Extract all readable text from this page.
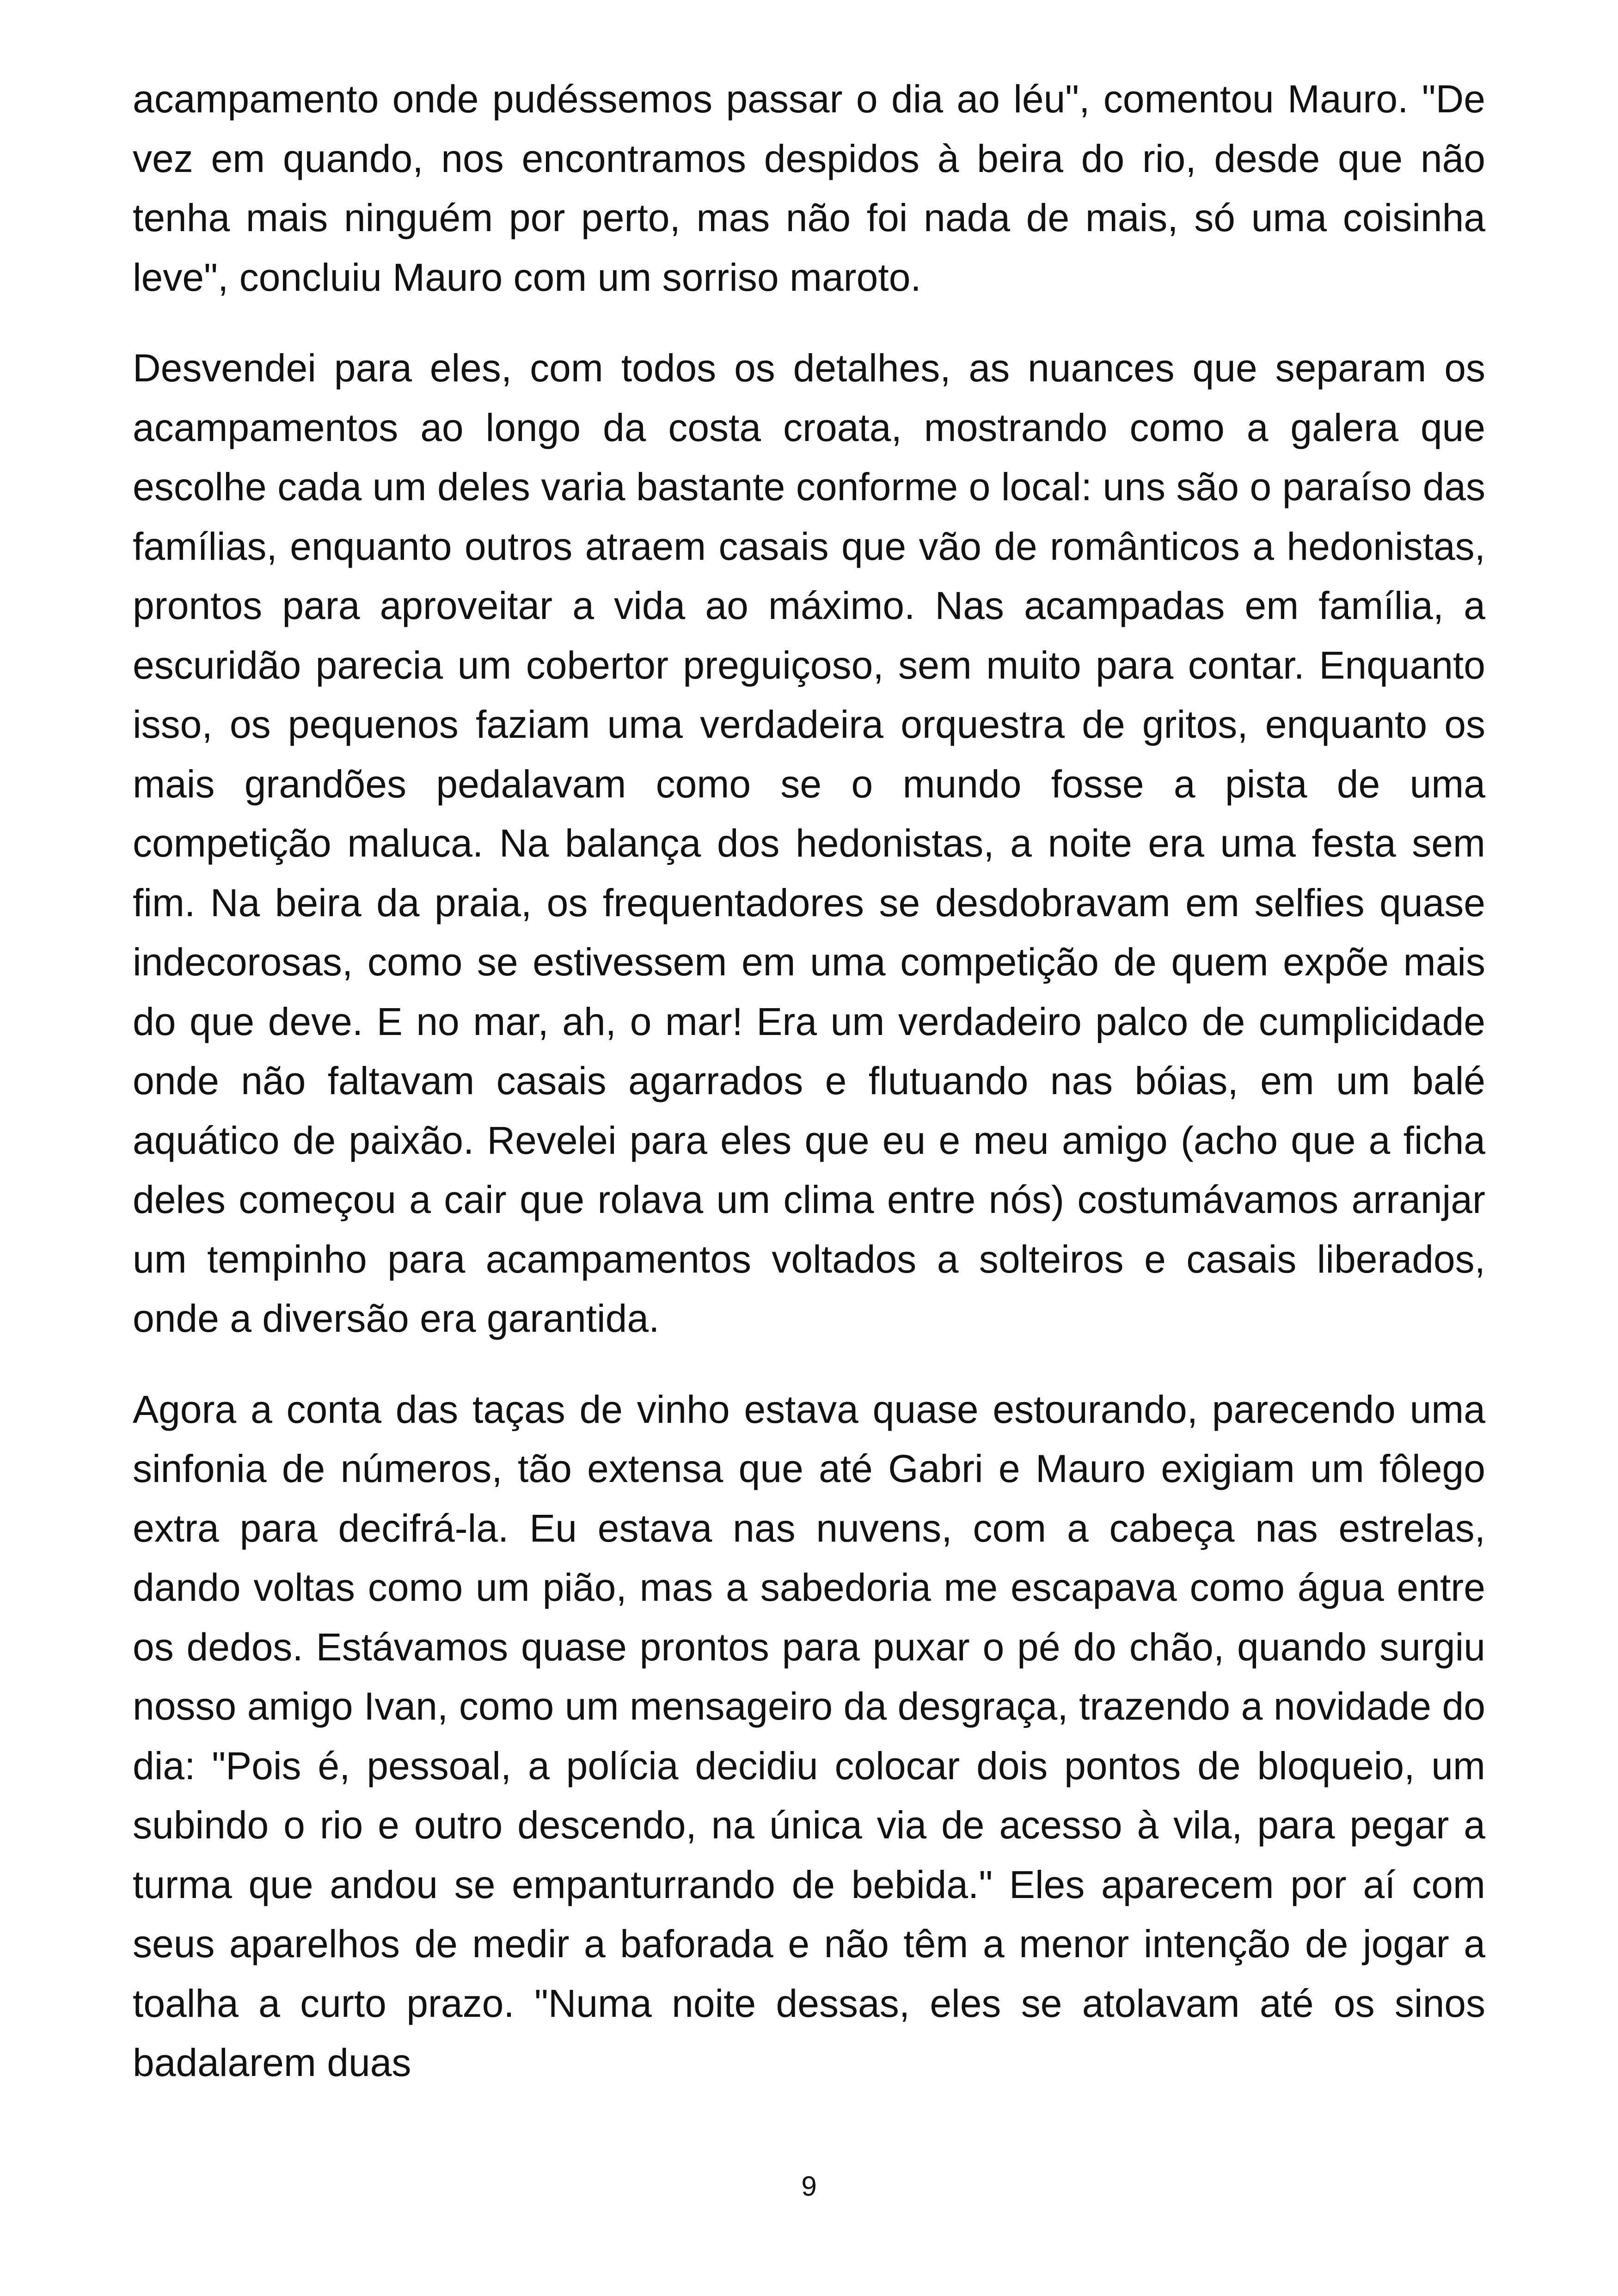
acampamento onde pudéssemos passar o dia ao léu", comentou Mauro. "De vez em quando, nos encontramos despidos à beira do rio, desde que não tenha mais ninguém por perto, mas não foi nada de mais, só uma coisinha leve", concluiu Mauro com um sorriso maroto.

Desvendei para eles, com todos os detalhes, as nuances que separam os acampamentos ao longo da costa croata, mostrando como a galera que escolhe cada um deles varia bastante conforme o local: uns são o paraíso das famílias, enquanto outros atraem casais que vão de românticos a hedonistas, prontos para aproveitar a vida ao máximo. Nas acampadas em família, a escuridão parecia um cobertor preguiçoso, sem muito para contar. Enquanto isso, os pequenos faziam uma verdadeira orquestra de gritos, enquanto os mais grandões pedalavam como se o mundo fosse a pista de uma competição maluca. Na balança dos hedonistas, a noite era uma festa sem fim. Na beira da praia, os frequentadores se desdobravam em selfies quase indecorosas, como se estivessem em uma competição de quem expõe mais do que deve. E no mar, ah, o mar! Era um verdadeiro palco de cumplicidade onde não faltavam casais agarrados e flutuando nas bóias, em um balé aquático de paixão. Revelei para eles que eu e meu amigo (acho que a ficha deles começou a cair que rolava um clima entre nós) costumávamos arranjar um tempinho para acampamentos voltados a solteiros e casais liberados, onde a diversão era garantida.

Agora a conta das taças de vinho estava quase estourando, parecendo uma sinfonia de números, tão extensa que até Gabri e Mauro exigiam um fôlego extra para decifrá-la. Eu estava nas nuvens, com a cabeça nas estrelas, dando voltas como um pião, mas a sabedoria me escapava como água entre os dedos. Estávamos quase prontos para puxar o pé do chão, quando surgiu nosso amigo Ivan, como um mensageiro da desgraça, trazendo a novidade do dia: "Pois é, pessoal, a polícia decidiu colocar dois pontos de bloqueio, um subindo o rio e outro descendo, na única via de acesso à vila, para pegar a turma que andou se empanturrando de bebida." Eles aparecem por aí com seus aparelhos de medir a baforada e não têm a menor intenção de jogar a toalha a curto prazo. "Numa noite dessas, eles se atolavam até os sinos badalarem duas

9
